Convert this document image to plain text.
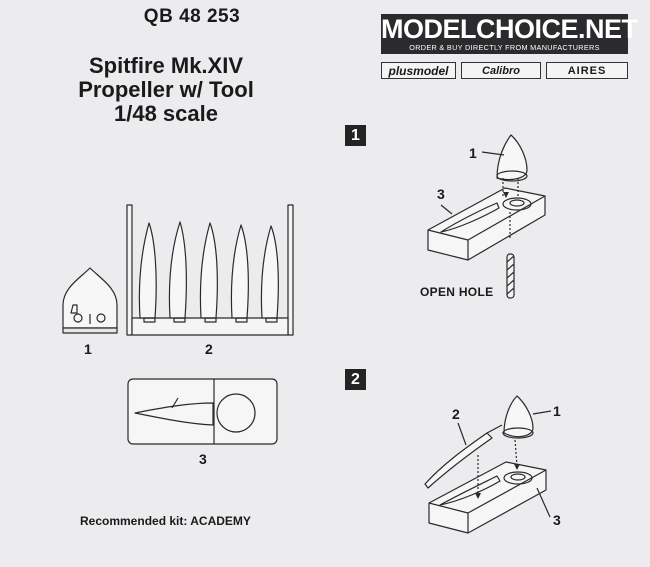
QB 48 253
Spitfire Mk.XIV
Propeller w/ Tool
1/48 scale
MODELCHOICE.NET
ORDER & BUY DIRECTLY FROM MANUFACTURERS
plusmodel	Calibro	AIRES
1	2
3
1
1
3
OPEN HOLE
2
2	1
3
Recommended kit: ACADEMY
